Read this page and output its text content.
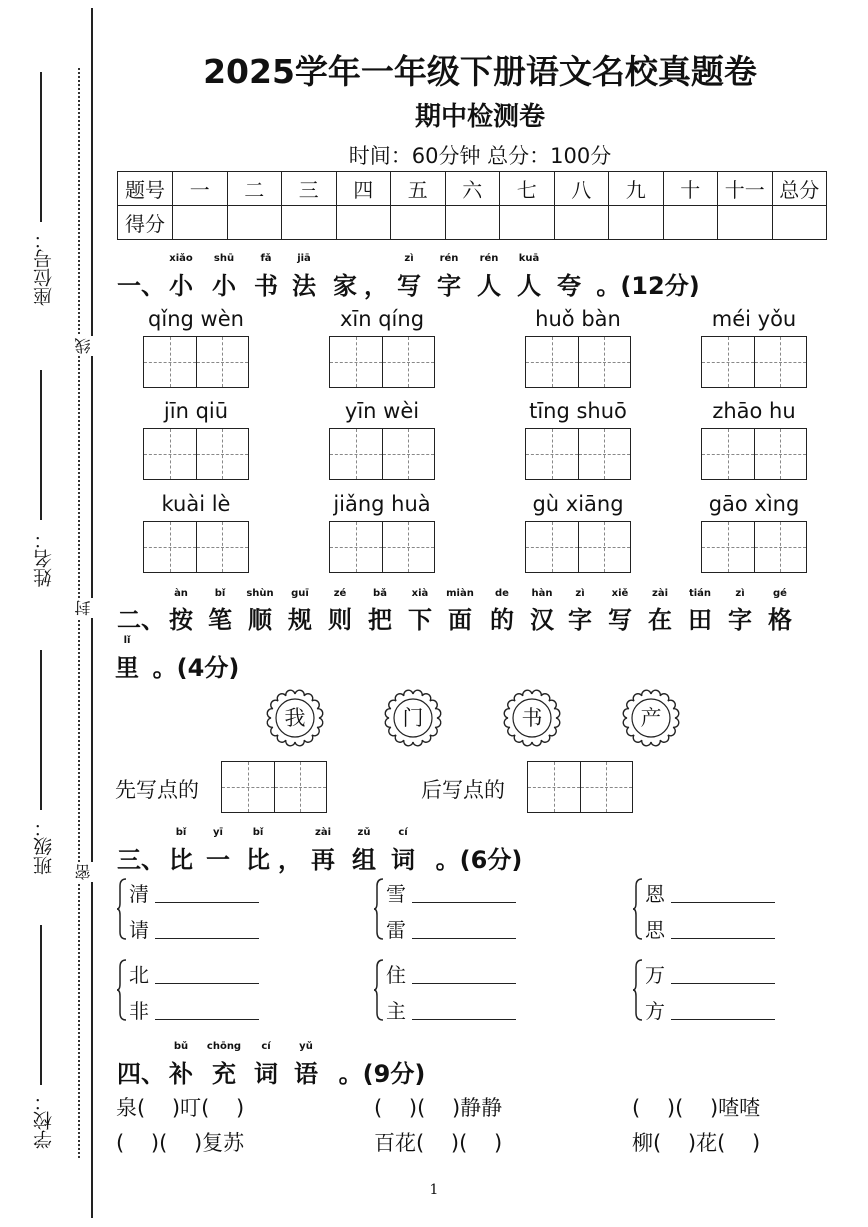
座位号：
姓名：
班级：
学校：
线
封
密
2025学年一年级下册语文名校真题卷
期中检测卷
时间：60分钟 总分：100分
题号	一	二	三	四	五	六	七	八	九	十	十一	总分
得分												
xiǎo shū	fǎ	jiā	zì	rén rén kuā
一、 小 小 书 法 家 ， 写 字 人 人 夸 。(12分)
qǐng wèn	xīn qíng	huǒ bàn	méi yǒu
jīn qiū	yīn wèi	tīng shuō	zhāo hu
kuài lè	jiǎng huà	gù xiāng	gāo xìng
àn	bǐ shùn guī zé	bǎ xià miàn de hàn zì	xiě zài tián zì	gé
二、 按 笔 顺 规 则 把 下 面 的 汉 字 写 在 田 字 格
lǐ
里 。(4分)
我	门	书	产
先写点的	后写点的
bǐ	yī	bǐ	zài	zǔ	cí
三、 比 一 比 ， 再 组 词 。(6分)
清
请
雪
雷
恩
思
北
非
住
主
万
方
bǔ chōng cí	yǔ
四、 补 充 词 语 。(9分)
泉(    )叮(    )	(    )(    )静静	(    )(    )喳喳
(    )(    )复苏	百花(    )(    )	柳(    )花(    )
1
